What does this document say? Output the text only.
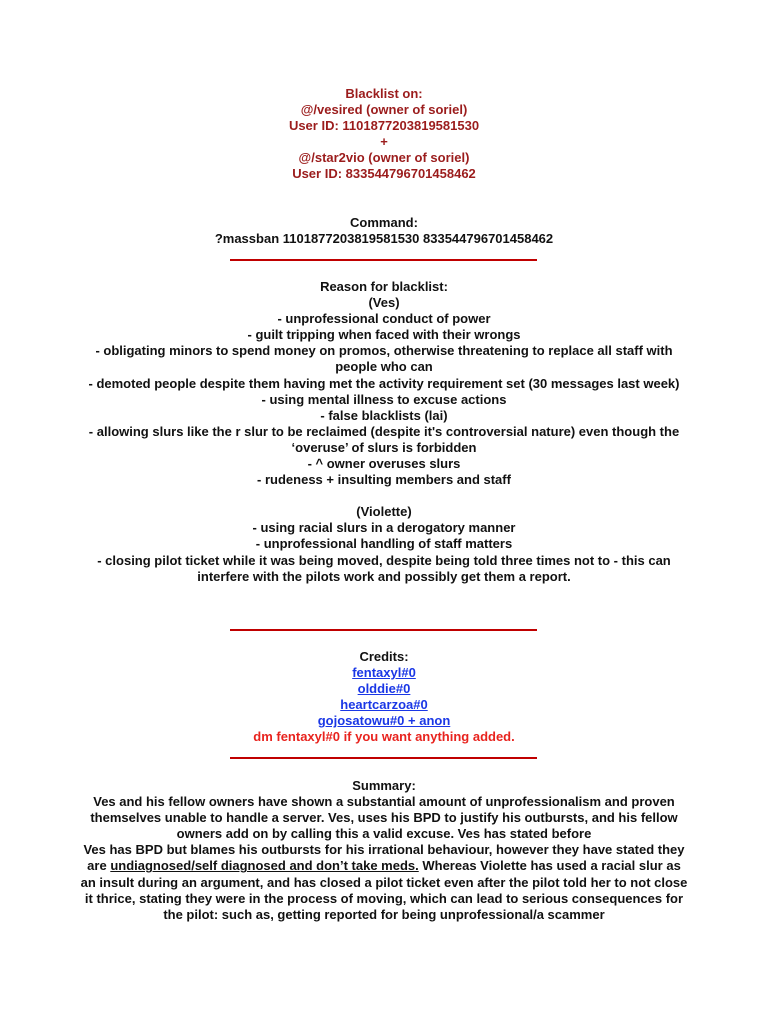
Blacklist on:
@/vesired (owner of soriel)
User ID: 1101877203819581530
+
@/star2vio (owner of soriel)
User ID: 833544796701458462
Command:
?massban 1101877203819581530 833544796701458462
Reason for blacklist:
(Ves)
- unprofessional conduct of power
- guilt tripping when faced with their wrongs
- obligating minors to spend money on promos, otherwise threatening to replace all staff with people who can
- demoted people despite them having met the activity requirement set (30 messages last week)
- using mental illness to excuse actions
- false blacklists (lai)
- allowing slurs like the r slur to be reclaimed (despite it's controversial nature) even though the ‘overuse’ of slurs is forbidden
- ^ owner overuses slurs
- rudeness + insulting members and staff
(Violette)
- using racial slurs in a derogatory manner
- unprofessional handling of staff matters
- closing pilot ticket while it was being moved, despite being told three times not to - this can interfere with the pilots work and possibly get them a report.
Credits:
fentaxyl#0
olddie#0
heartcarzoa#0
gojosatowu#0 + anon
dm fentaxyl#0 if you want anything added.
Summary:
Ves and his fellow owners have shown a substantial amount of unprofessionalism and proven themselves unable to handle a server. Ves, uses his BPD to justify his outbursts, and his fellow owners add on by calling this a valid excuse. Ves has stated before
Ves has BPD but blames his outbursts for his irrational behaviour, however they have stated they are undiagnosed/self diagnosed and don’t take meds. Whereas Violette has used a racial slur as an insult during an argument, and has closed a pilot ticket even after the pilot told her to not close it thrice, stating they were in the process of moving, which can lead to serious consequences for the pilot: such as, getting reported for being unprofessional/a scammer
